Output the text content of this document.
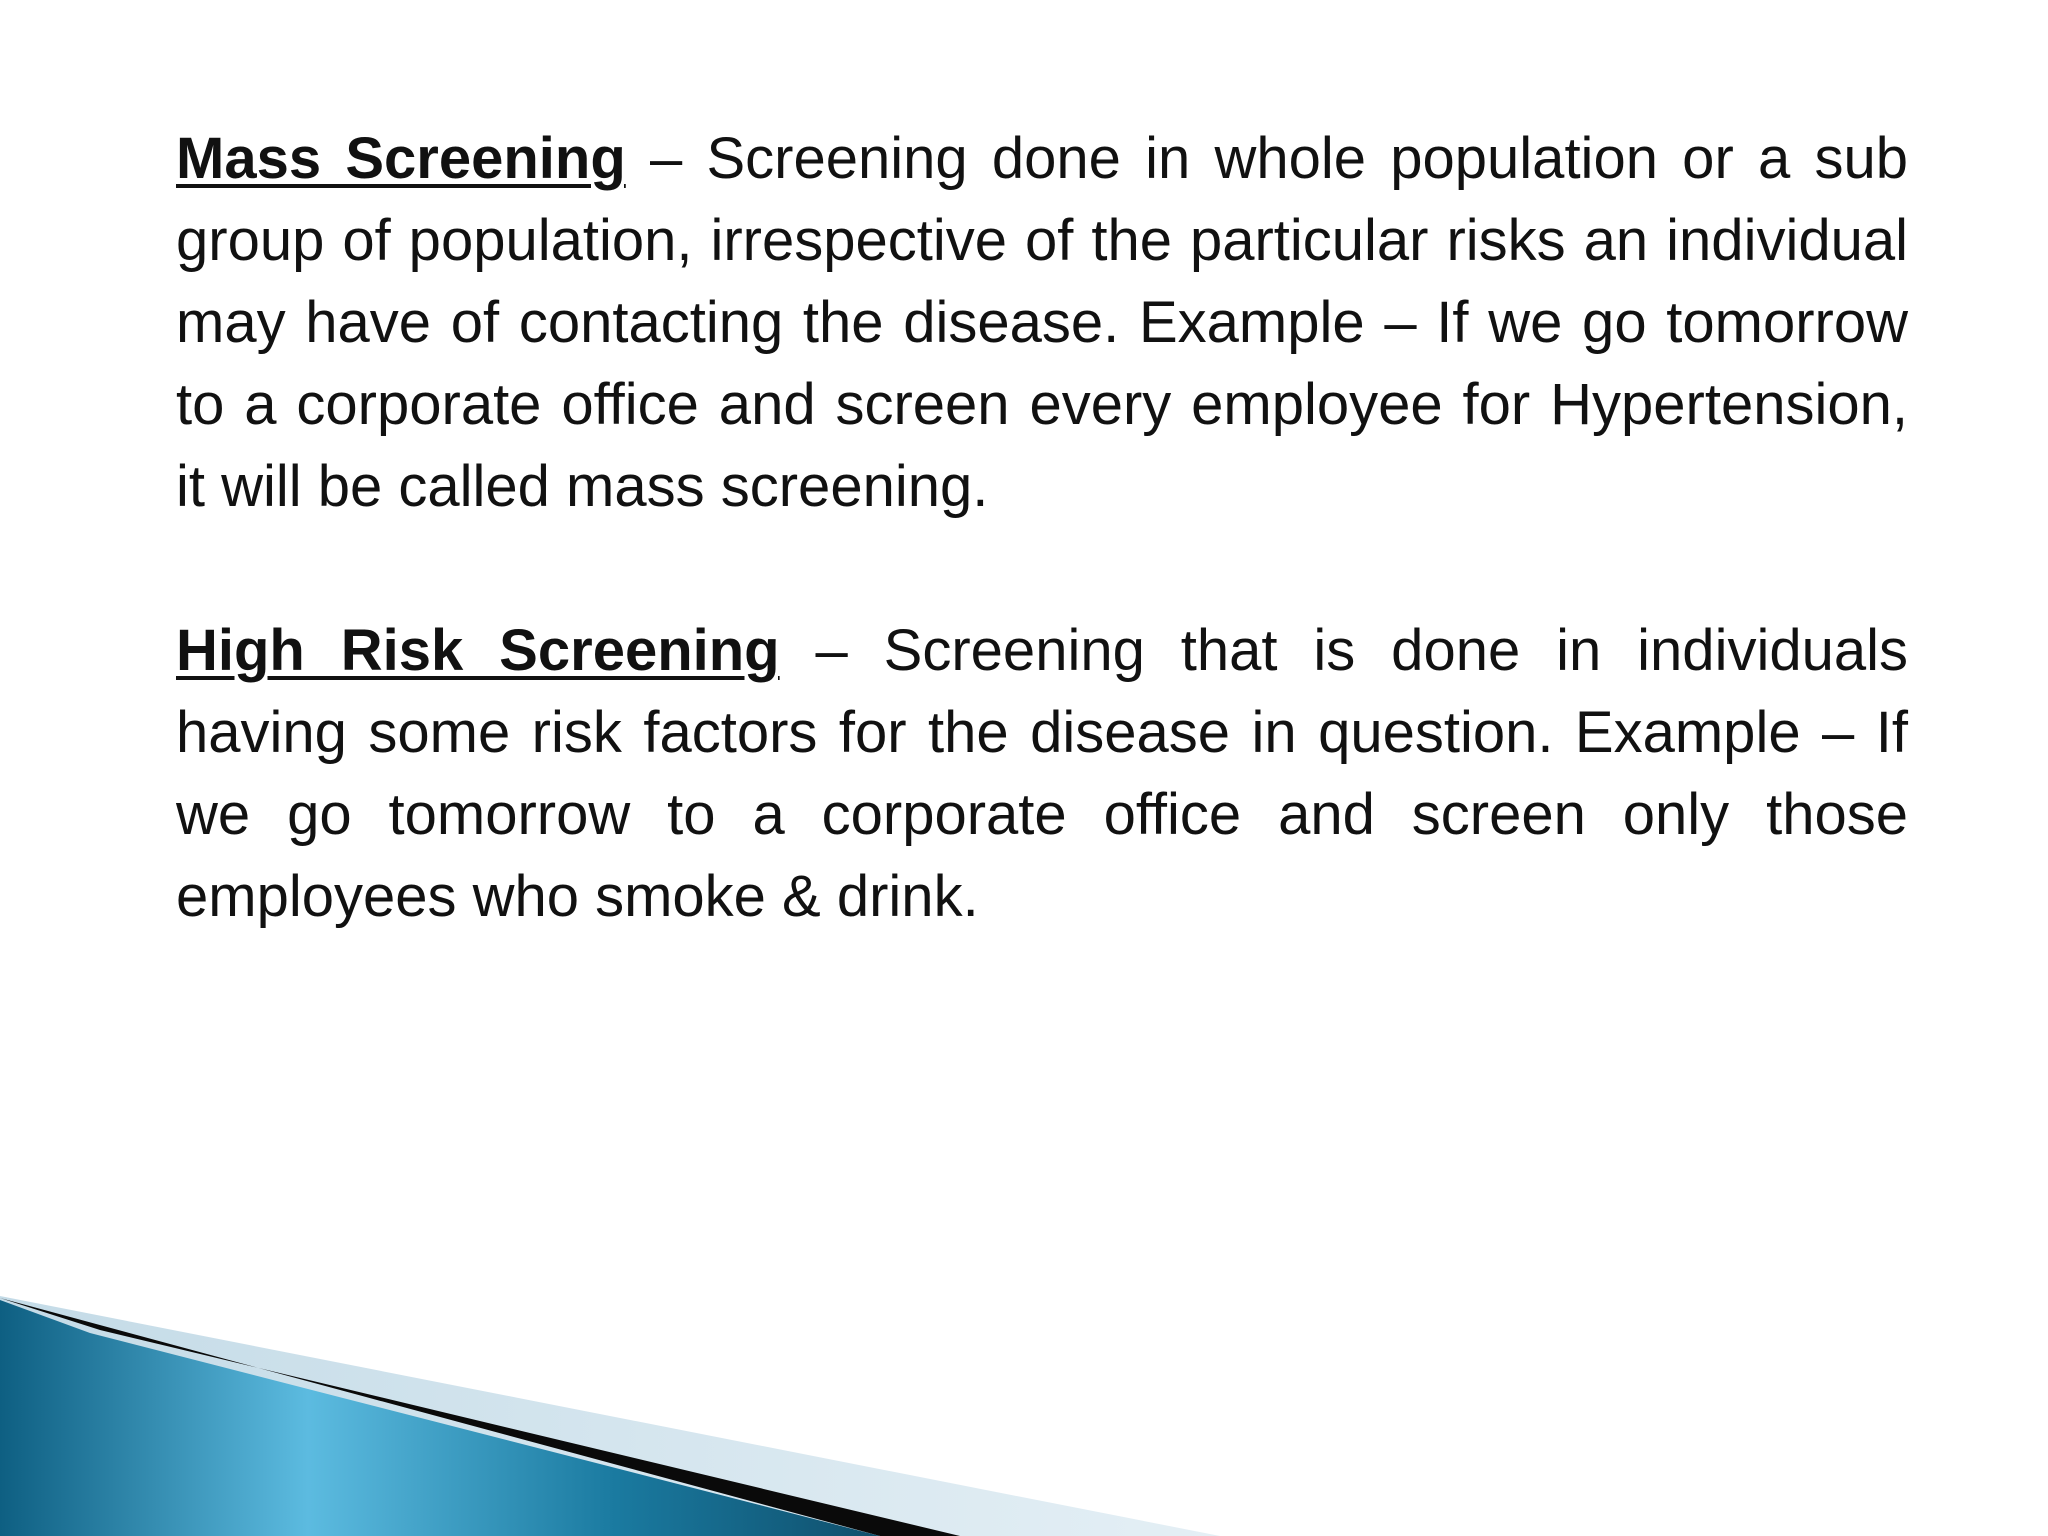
Mass Screening – Screening done in whole population or a sub group of population, irrespective of the particular risks an individual may have of contacting the disease. Example – If we go tomorrow to a corporate office and screen every employee for Hypertension, it will be called mass screening.

High Risk Screening – Screening that is done in individuals having some risk factors for the disease in question. Example – If we go tomorrow to a corporate office and screen only those employees who smoke & drink.
